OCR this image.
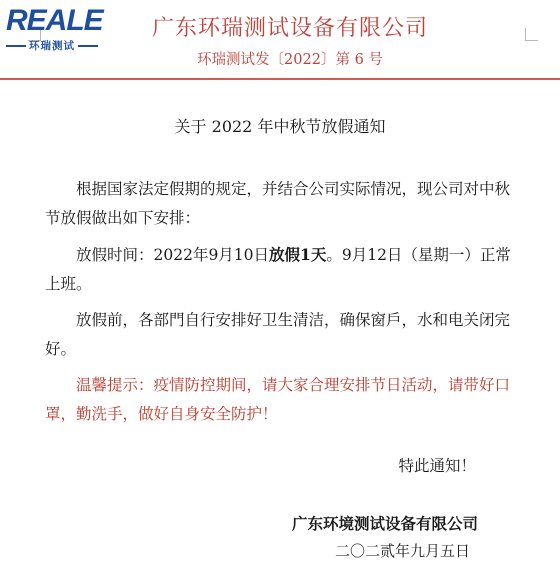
REALE
环瑞测试
广东环瑞测试设备有限公司
环瑞测试发〔2022〕第 6 号
关于 2022 年中秋节放假通知

根据国家法定假期的规定，并结合公司实际情况，现公司对中秋节放假做出如下安排：

放假时间：2022年9月10日放假1天。9月12日（星期一）正常上班。

放假前，各部門自行安排好卫生清洁，确保窗戶，水和电关闭完好。

温馨提示：疫情防控期间，请大家合理安排节日活动，请带好口罩，勤洗手，做好自身安全防护！

特此通知！
广东环境测试设备有限公司
二〇二贰年九月五日
